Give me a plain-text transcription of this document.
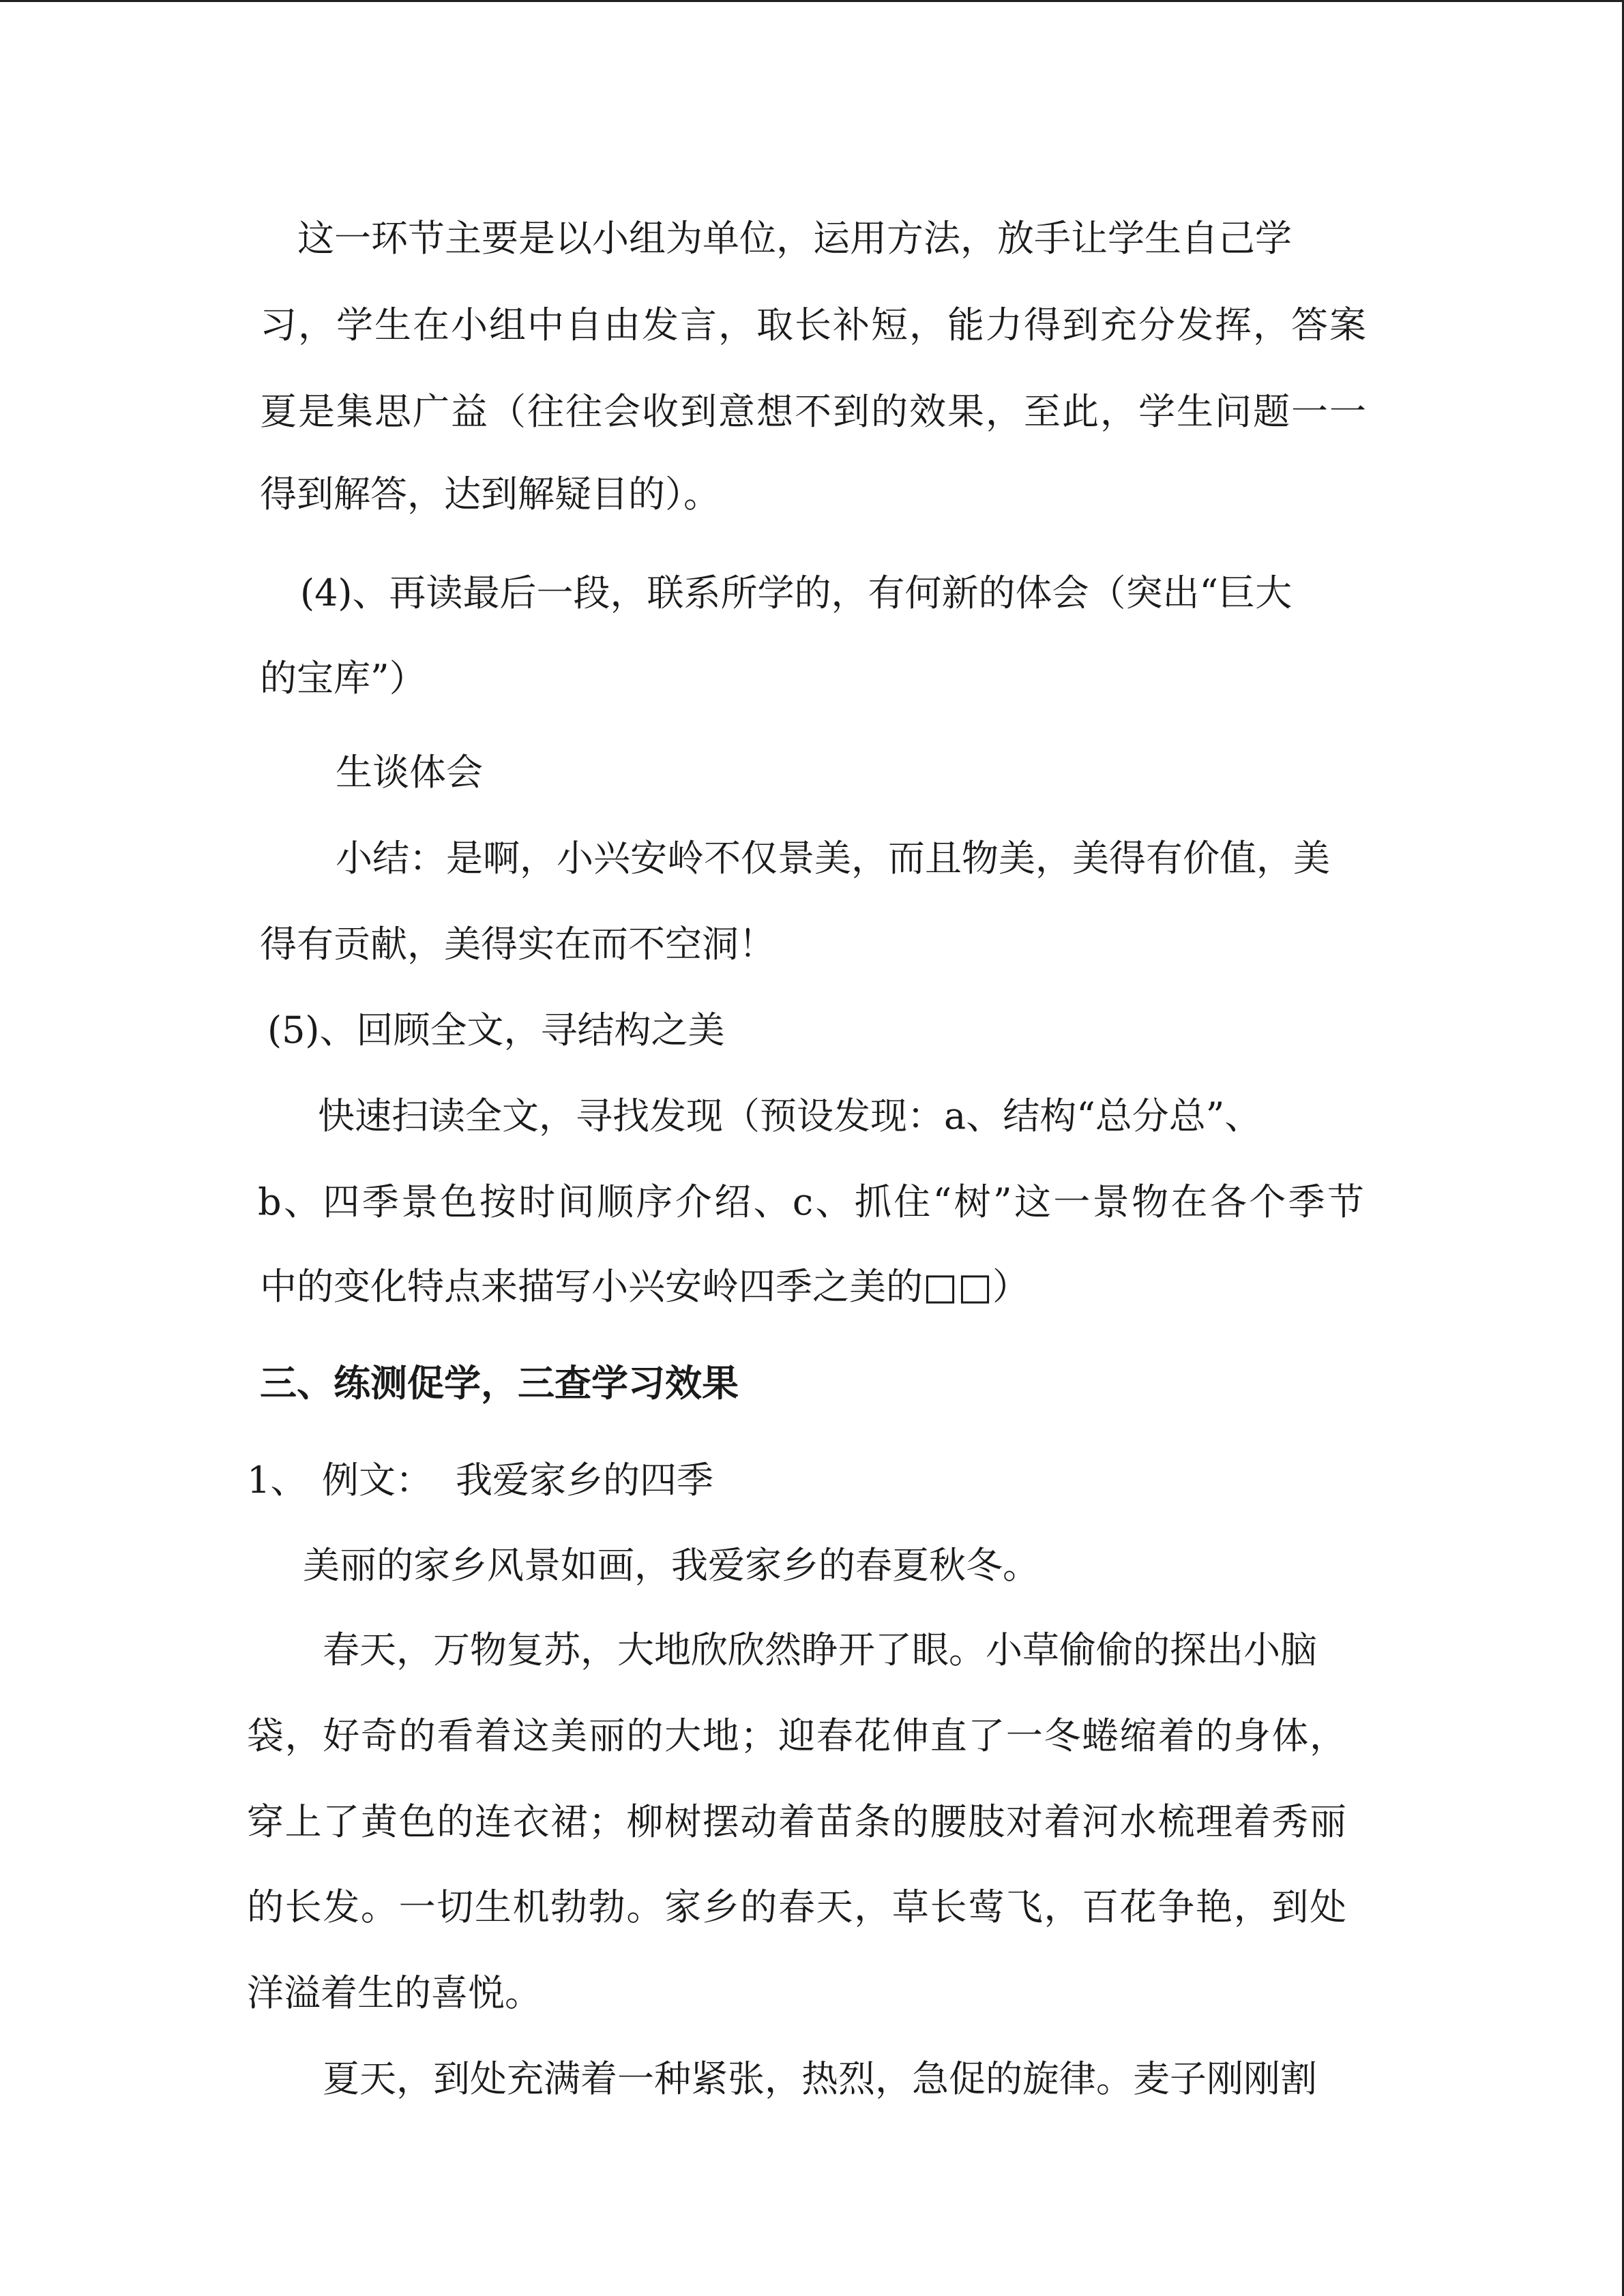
这一环节主要是以小组为单位，运用方法，放手让学生自己学
习，学生在小组中自由发言，取长补短，能力得到充分发挥，答案
夏是集思广益（往往会收到意想不到的效果，至此，学生问题一一
得到解答，达到解疑目的）。
(4)、再读最后一段，联系所学的，有何新的体会（突出“巨大
的宝库”）
生谈体会
小结：是啊，小兴安岭不仅景美，而且物美，美得有价值，美
得有贡献，美得实在而不空洞！
(5)、回顾全文，寻结构之美
快速扫读全文，寻找发现（预设发现：a、结构“总分总”、
b、四季景色按时间顺序介绍、c、抓住“树”这一景物在各个季节
中的变化特点来描写小兴安岭四季之美的□□）
三、练测促学，三查学习效果
1、 例文： 我爱家乡的四季
美丽的家乡风景如画，我爱家乡的春夏秋冬。
春天，万物复苏，大地欣欣然睁开了眼。小草偷偷的探出小脑
袋，好奇的看着这美丽的大地；迎春花伸直了一冬蜷缩着的身体，
穿上了黄色的连衣裙；柳树摆动着苗条的腰肢对着河水梳理着秀丽
的长发。一切生机勃勃。家乡的春天，草长莺飞，百花争艳，到处
洋溢着生的喜悦。
夏天，到处充满着一种紧张，热烈，急促的旋律。麦子刚刚割
